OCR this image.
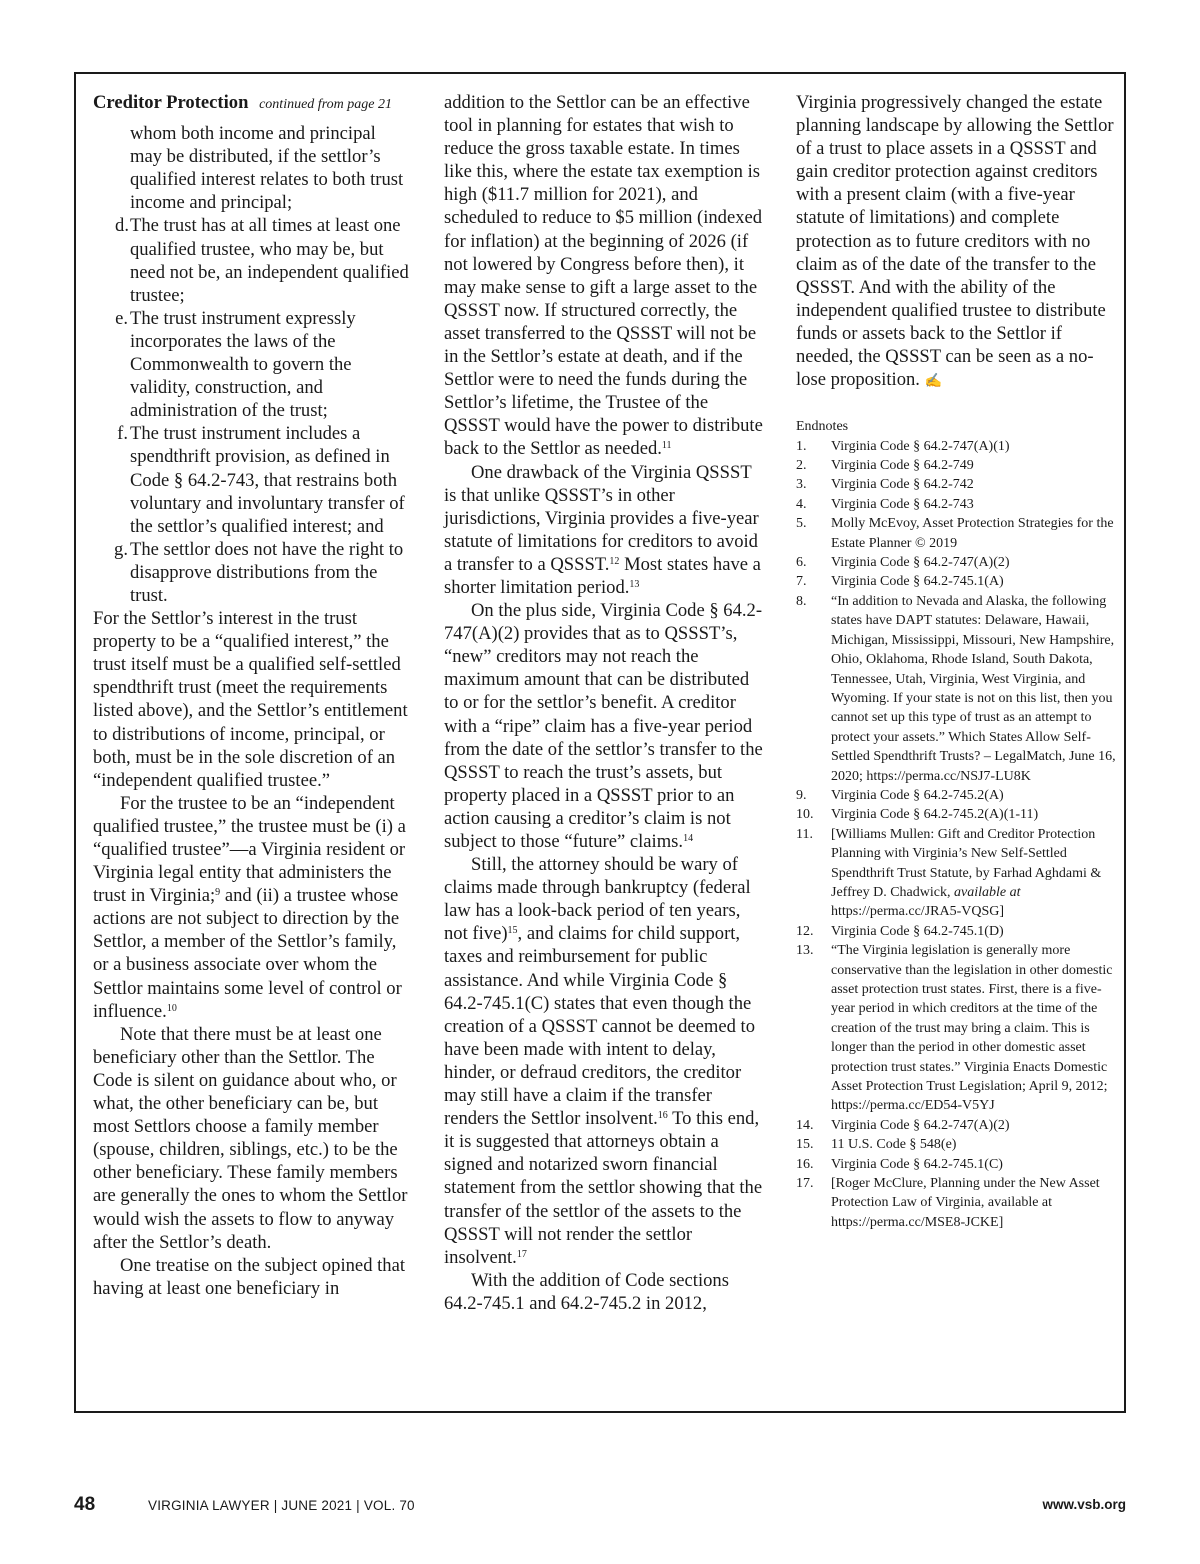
Creditor Protection continued from page 21

whom both income and principal may be distributed, if the settlor’s qualified interest relates to both trust income and principal;

d. The trust has at all times at least one qualified trustee, who may be, but need not be, an independent qualified trustee;
e. The trust instrument expressly incorporates the laws of the Commonwealth to govern the validity, construction, and administration of the trust;
f. The trust instrument includes a spendthrift provision, as defined in Code § 64.2-743, that restrains both voluntary and involuntary transfer of the settlor’s qualified interest; and
g. The settlor does not have the right to disapprove distributions from the trust.

For the Settlor’s interest in the trust property to be a “qualified interest,” the trust itself must be a qualified self-settled spendthrift trust (meet the requirements listed above), and the Settlor’s entitlement to distributions of income, principal, or both, must be in the sole discretion of an “independent qualified trustee.”

For the trustee to be an “independent qualified trustee,” the trustee must be (i) a “qualified trustee”—a Virginia resident or Virginia legal entity that administers the trust in Virginia;$^9$ and (ii) a trustee whose actions are not subject to direction by the Settlor, a member of the Settlor’s family, or a business associate over whom the Settlor maintains some level of control or influence.$^{10}$

Note that there must be at least one beneficiary other than the Settlor. The Code is silent on guidance about who, or what, the other beneficiary can be, but most Settlors choose a family member (spouse, children, siblings, etc.) to be the other beneficiary. These family members are generally the ones to whom the Settlor would wish the assets to flow to anyway after the Settlor’s death.

One treatise on the subject opined that having at least one beneficiary in

addition to the Settlor can be an effective tool in planning for estates that wish to reduce the gross taxable estate. In times like this, where the estate tax exemption is high ($11.7 million for 2021), and scheduled to reduce to $5 million (indexed for inflation) at the beginning of 2026 (if not lowered by Congress before then), it may make sense to gift a large asset to the QSSST now. If structured correctly, the asset transferred to the QSSST will not be in the Settlor’s estate at death, and if the Settlor were to need the funds during the Settlor’s lifetime, the Trustee of the QSSST would have the power to distribute back to the Settlor as needed.$^{11}$

One drawback of the Virginia QSSST is that unlike QSSST’s in other jurisdictions, Virginia provides a five-year statute of limitations for creditors to avoid a transfer to a QSSST.$^{12}$ Most states have a shorter limitation period.$^{13}$

On the plus side, Virginia Code § 64.2-747(A)(2) provides that as to QSSST’s, “new” creditors may not reach the maximum amount that can be distributed to or for the settlor’s benefit. A creditor with a “ripe” claim has a five-year period from the date of the settlor’s transfer to the QSSST to reach the trust’s assets, but property placed in a QSSST prior to an action causing a creditor’s claim is not subject to those “future” claims.$^{14}$

Still, the attorney should be wary of claims made through bankruptcy (federal law has a look-back period of ten years, not five)$^{15}$, and claims for child support, taxes and reimbursement for public assistance. And while Virginia Code § 64.2-745.1(C) states that even though the creation of a QSSST cannot be deemed to have been made with intent to delay, hinder, or defraud creditors, the creditor may still have a claim if the transfer renders the Settlor insolvent.$^{16}$ To this end, it is suggested that attorneys obtain a signed and notarized sworn financial statement from the settlor showing that the transfer of the settlor of the assets to the QSSST will not render the settlor insolvent.$^{17}$

With the addition of Code sections 64.2-745.1 and 64.2-745.2 in 2012,

Virginia progressively changed the estate planning landscape by allowing the Settlor of a trust to place assets in a QSSST and gain creditor protection against creditors with a present claim (with a five-year statute of limitations) and complete protection as to future creditors with no claim as of the date of the transfer to the QSSST. And with the ability of the independent qualified trustee to distribute funds or assets back to the Settlor if needed, the QSSST can be seen as a no-lose proposition. ✍

Endnotes
1.	Virginia Code § 64.2-747(A)(1)
2.	Virginia Code § 64.2-749
3.	Virginia Code § 64.2-742
4.	Virginia Code § 64.2-743
5.	Molly McEvoy, Asset Protection Strategies for the Estate Planner © 2019
6.	Virginia Code § 64.2-747(A)(2)
7.	Virginia Code § 64.2-745.1(A)
8.	“In addition to Nevada and Alaska, the following states have DAPT statutes: Delaware, Hawaii, Michigan, Mississippi, Missouri, New Hampshire, Ohio, Oklahoma, Rhode Island, South Dakota, Tennessee, Utah, Virginia, West Virginia, and Wyoming. If your state is not on this list, then you cannot set up this type of trust as an attempt to protect your assets.” Which States Allow Self-Settled Spendthrift Trusts? – LegalMatch, June 16, 2020; https://perma.cc/NSJ7-LU8K
9.	Virginia Code § 64.2-745.2(A)
10.	Virginia Code § 64.2-745.2(A)(1-11)
11.	[Williams Mullen: Gift and Creditor Protection Planning with Virginia’s New Self-Settled Spendthrift Trust Statute, by Farhad Aghdami & Jeffrey D. Chadwick, available at
https://perma.cc/JRA5-VQSG]
12.	Virginia Code § 64.2-745.1(D)
13.	“The Virginia legislation is generally more conservative than the legislation in other domestic asset protection trust states. First, there is a five-year period in which creditors at the time of the creation of the trust may bring a claim. This is longer than the period in other domestic asset protection trust states.” Virginia Enacts Domestic Asset Protection Trust Legislation; April 9, 2012; https://perma.cc/ED54-V5YJ
14.	Virginia Code § 64.2-747(A)(2)
15.	11 U.S. Code § 548(e)
16.	Virginia Code § 64.2-745.1(C)
17.	[Roger McClure, Planning under the New Asset Protection Law of Virginia, available at https://perma.cc/MSE8-JCKE]
48	VIRGINIA LAWYER | JUNE 2021 | VOL. 70	www.vsb.org
